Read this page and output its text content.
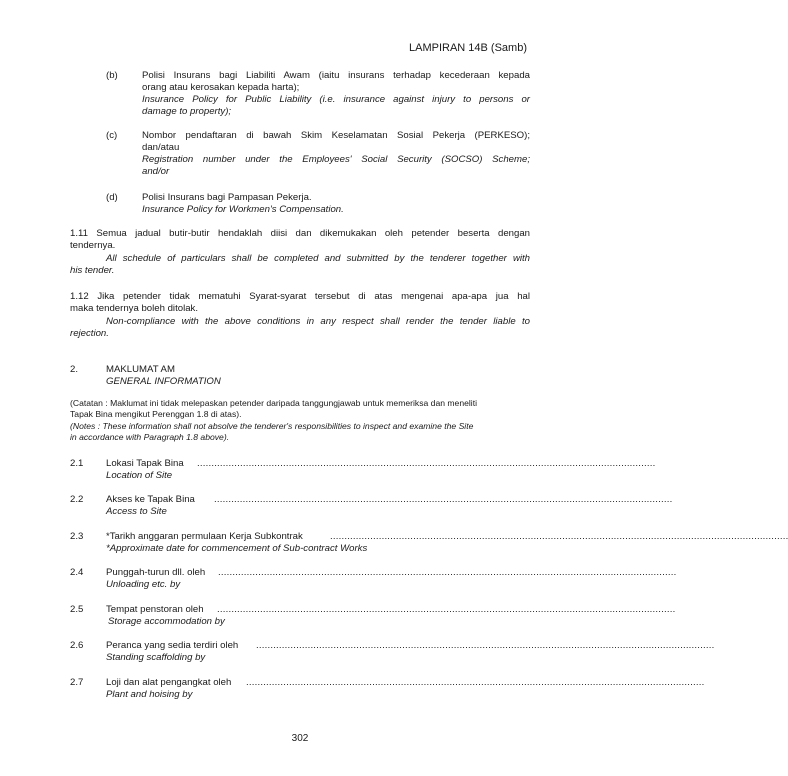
LAMPIRAN 14B (Samb)
(b)	Polisi Insurans bagi Liabiliti Awam (iaitu insurans terhadap kecederaan kepada
orang atau kerosakan kepada harta);
Insurance Policy for Public Liability (i.e. insurance against injury to persons or
damage to property);
(c)	Nombor pendaftaran di bawah Skim Keselamatan Sosial Pekerja (PERKESO);
dan/atau
Registration number under the Employees' Social Security (SOCSO) Scheme;
and/or
(d)	Polisi Insurans bagi Pampasan Pekerja.
Insurance Policy for Workmen's Compensation.
1.11 Semua jadual butir-butir hendaklah diisi dan dikemukakan oleh petender beserta dengan
tendernya.
All schedule of particulars shall be completed and submitted by the tenderer together with
his tender.
1.12 Jika petender tidak mematuhi Syarat-syarat tersebut di atas mengenai apa-apa jua hal
maka tendernya boleh ditolak.
Non-compliance with the above conditions in any respect shall render the tender liable to
rejection.
2.	MAKLUMAT AM
GENERAL INFORMATION
(Catatan : Maklumat ini tidak melepaskan petender daripada tanggungjawab untuk memeriksa dan meneliti
Tapak Bina mengikut Perenggan 1.8 di atas).
(Notes : These information shall not absolve the tenderer's responsibilities to inspect and examine the Site
in accordance with Paragraph 1.8 above).
2.1 Lokasi Tapak Bina ................................................................................................................................................................
Location of Site
2.2 Akses ke Tapak Bina ................................................................................................................................................................
Access to Site
2.3 *Tarikh anggaran permulaan Kerja Subkontrak	................................................................................................................................................................
*Approximate date for commencement of Sub-contract Works
2.4 Punggah-turun dll. oleh ................................................................................................................................................................
Unloading etc. by
2.5 Tempat penstoran oleh ................................................................................................................................................................
Storage accommodation by
2.6 Peranca yang sedia terdiri oleh ................................................................................................................................................................
Standing scaffolding by
2.7 Loji dan alat pengangkat oleh ................................................................................................................................................................
Plant and hoising by
302
